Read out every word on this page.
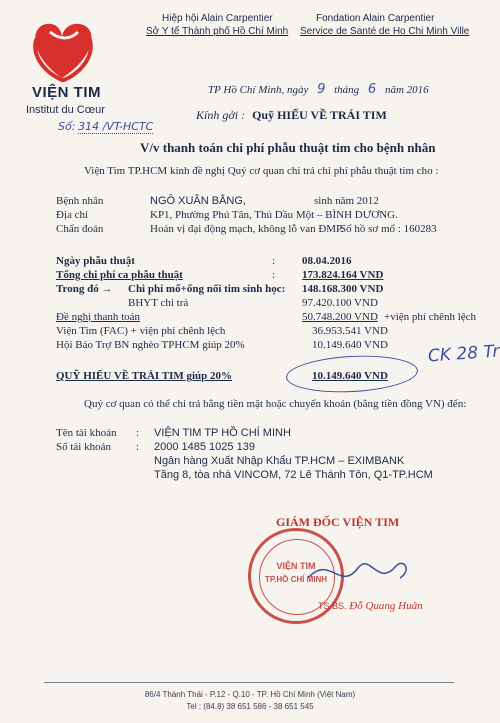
VIỆN TIM
Institut du Cœur
Hiệp hội Alain Carpentier
Sở Y tế Thành phố Hồ Chí Minh
Fondation Alain Carpentier
Service de Santé de Ho Chi Minh Ville
Số: 314 /VT-HCTC
TP Hồ Chí Minh, ngày 9 tháng 6 năm 2016
Kính gởi : Quỹ HIẾU VỀ TRÁI TIM
V/v thanh toán chi phí phẫu thuật tim cho bệnh nhân
Viện Tim TP.HCM kính đề nghị Quý cơ quan chi trả chi phí phẫu thuật tim cho :
Bệnh nhân	NGÔ XUÂN BẰNG,	sinh năm 2012
Địa chỉ	KP1, Phường Phú Tân, Thủ Dầu Một – BÌNH DƯƠNG.
Chẩn đoán	Hoán vị đại động mạch, không lỗ van ĐMP.
Số hồ sơ mổ : 160283
Ngày phẫu thuật	: 08.04.2016
Tổng chi phí ca phẫu thuật	: 173.824.164 VND
Trong đó → Chi phí mổ+ống nối tim sinh học: 148.168.300 VND
BHYT chi trả	97.420.100 VND
Đề nghị thanh toán	50.748.200 VND +viện phí chênh lệch
Viện Tim (FAC) + viện phí chênh lệch	36.953.541 VND
Hội Bảo Trợ BN nghèo TPHCM giúp 20%	10.149.640 VND
QUỸ HIẾU VỀ TRÁI TIM giúp 20%	10.149.640 VND
CK 28 Tr
Quý cơ quan có thể chi trả bằng tiền mặt hoặc chuyển khoản (bằng tiền đồng VN) đến:
Tên tài khoản : VIỆN TIM TP HỒ CHÍ MINH
Số tài khoản : 2000 1485 1025 139
Ngân hàng Xuất Nhập Khẩu TP.HCM – EXIMBANK
Tầng 8, tòa nhà VINCOM, 72 Lê Thánh Tôn, Q1-TP.HCM
GIÁM ĐỐC VIỆN TIM
VIỆN TIM
TP.HỒ CHÍ MINH
TS.BS. Đỗ Quang Huân
86/4 Thành Thái - P.12 - Q.10 - TP. Hồ Chí Minh (Việt Nam)
Tel : (84.8) 38 651 586 - 38 651 545
